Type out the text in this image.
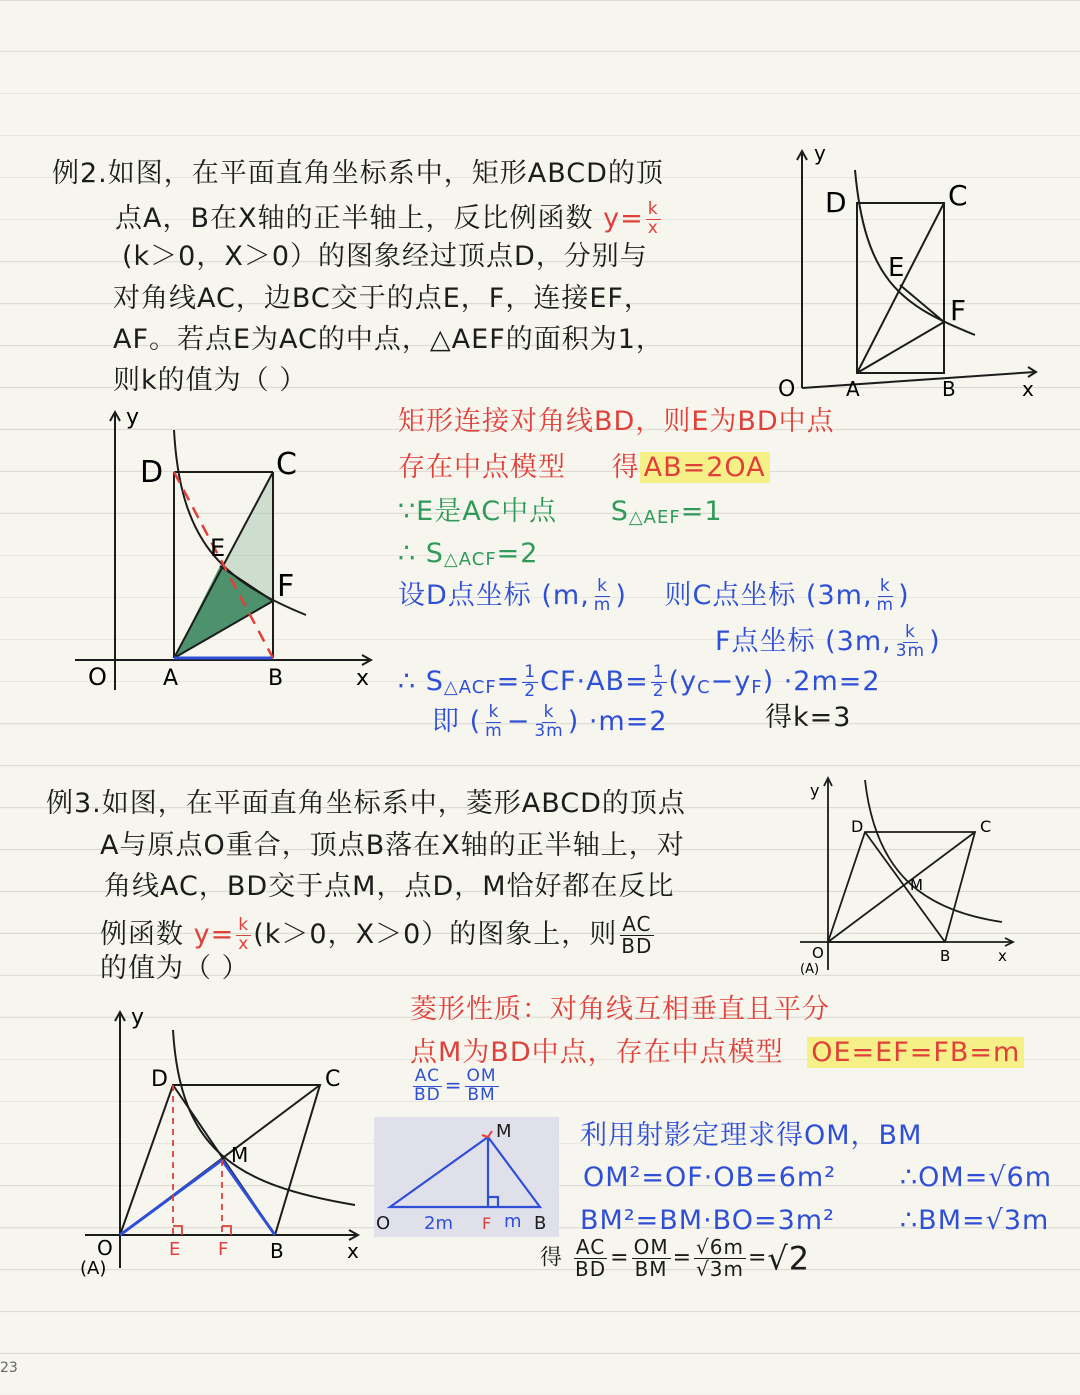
例2.如图，在平面直角坐标系中，矩形ABCD的顶
点A，B在X轴的正半轴上，反比例函数 $y= \frac{k}{x}$
(k＞0，X＞0）的图象经过顶点D，分别与
对角线AC，边BC交于的点E，F，连接EF，
AF。若点E为AC的中点，△AEF的面积为1，
则k的值为（ ）
y
D	C
E
F
O	A	B	x
y
D	C
E
F
O	A	B	x
矩形连接对角线BD，则E为BD中点
存在中点模型 得 AB=2OA
∵E是AC中点 S△AEF=1
∴ S△ACF=2
设D点坐标 (m, $\frac{k}{m}$ ) 则C点坐标 (3m, $\frac{k}{m}$ )
F点坐标 (3m, $\frac{k}{3m}$ )
∴ S△ACF= $\frac{1}{2} CF\cdot AB= \frac{1}{2} (yC-yF) \cdot 2m=2$
即 ( $\frac{k}{m} - \frac{k}{3m}$ ) ·m=2	得k=3
例3.如图，在平面直角坐标系中，菱形ABCD的顶点
A与原点O重合，顶点B落在X轴的正半轴上，对
角线AC，BD交于点M，点D，M恰好都在反比
例函数 $y= \frac{k}{x} (k>0$，X＞0）的图象上，则 $\frac{AC}{BD}$
的值为（ ）
y
D	C
M
O
(A)
B	x
y
D	C
M
O
(A)
E F B	x
菱形性质：对角线互相垂直且平分
点M为BD中点，存在中点模型 OE=EF=FB=m
$\frac{AC}{BD} = \frac{OM}{BM}$
M
O 2m F m B
利用射影定理求得OM，BM
OM²=OF·OB=6m² ∴OM=√6m
BM²=BM·BO=3m² ∴BM=√3m
得 $\frac{AC}{BD} = \frac{OM}{BM} = \frac{√6m}{√3m} =√2$
23
